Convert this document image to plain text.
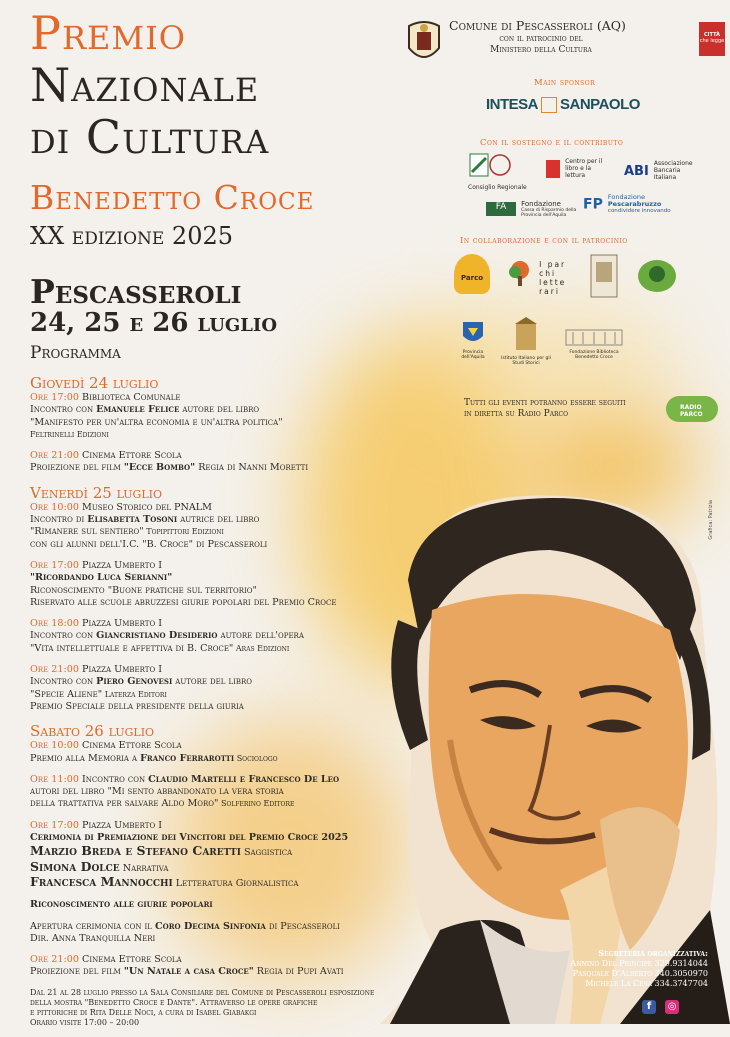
Premio
Nazionale
di Cultura
Benedetto Croce
XX edizione 2025
Pescasseroli
24, 25 e 26 luglio
Programma
Giovedì 24 luglio
Ore 17:00 Biblioteca Comunale
Incontro con Emanuele Felice autore del libro
"Manifesto per un'altra economia e un'altra politica"
Feltrinelli Edizioni
Ore 21:00 Cinema Ettore Scola
Proiezione del film "Ecce Bombo" Regia di Nanni Moretti
Venerdì 25 luglio
Ore 10:00 Museo Storico del PNALM
Incontro di Elisabetta Tosoni autrice del libro
"Rimanere sul sentiero" Topipittori Edizioni
con gli alunni dell'I.C. "B. Croce" di Pescasseroli
Ore 17:00 Piazza Umberto I
"Ricordando Luca Serianni"
Riconoscimento "Buone pratiche sul territorio"
Riservato alle scuole abruzzesi giurie popolari del Premio Croce
Ore 18:00 Piazza Umberto I
Incontro con Giancristiano Desiderio autore dell'opera
"Vita intellettuale e affettiva di B. Croce" Aras Edizioni
Ore 21:00 Piazza Umberto I
Incontro con Piero Genovesi autore del libro
"Specie Aliene" Laterza Editori
Premio Speciale della presidente della giuria
Sabato 26 luglio
Ore 10:00 Cinema Ettore Scola
Premio alla Memoria a Franco Ferrarotti Sociologo
Ore 11:00 Incontro con Claudio Martelli e Francesco De Leo
autori del libro "Mi sento abbandonato la vera storia
della trattativa per salvare Aldo Moro" Solferino Editore
Ore 17:00 Piazza Umberto I
Cerimonia di Premiazione dei Vincitori del Premio Croce 2025
Marzio Breda e Stefano Caretti Saggistica
Simona Dolce Narrativa
Francesca Mannocchi Letteratura Giornalistica
Riconoscimento alle giurie popolari
Apertura cerimonia con il Coro Decima Sinfonia di Pescasseroli
Dir. Anna Tranquilla Neri
Ore 21:00 Cinema Ettore Scola
Proiezione del film "Un Natale a casa Croce" Regia di Pupi Avati
Dal 21 al 28 luglio presso la Sala Consiliare del Comune di Pescasseroli esposizione
della mostra "Benedetto Croce e Dante". Attraverso le opere grafiche
e pittoriche di Rita Delle Noci, a cura di Isabel Giabakgi
Orario visite 17:00 – 20:00
Comune di Pescasseroli (AQ)
con il patrocinio del
Ministero della Cultura
CITTÀ
che legge
Main sponsor
INTESA SANPAOLO
Con il sostegno e il contributo
Consiglio Regionale
Centro per il libro e la lettura	ABI Associazione Bancaria Italiana
FA Fondazione
Cassa di Risparmio della Provincia dell'Aquila
FP Fondazione
Pescarabruzzo
condividere innovando
In collaborazione e con il patrocinio
Parco
I par chi lette rari
Provincia dell'Aquila	Istituto Italiano per gli Studi Storici
Fondazione Biblioteca Benedetto Croce
Tutti gli eventi potranno essere seguiti
in diretta su Radio Parco
RADIO PARCO
Grafica: Patrizia
Segreteria organizzativa:
Annino Del Principe 329.9314044
Pasquale D'Alberto 340.3050970
Michele La Cesa 334.3747704
f ◎
